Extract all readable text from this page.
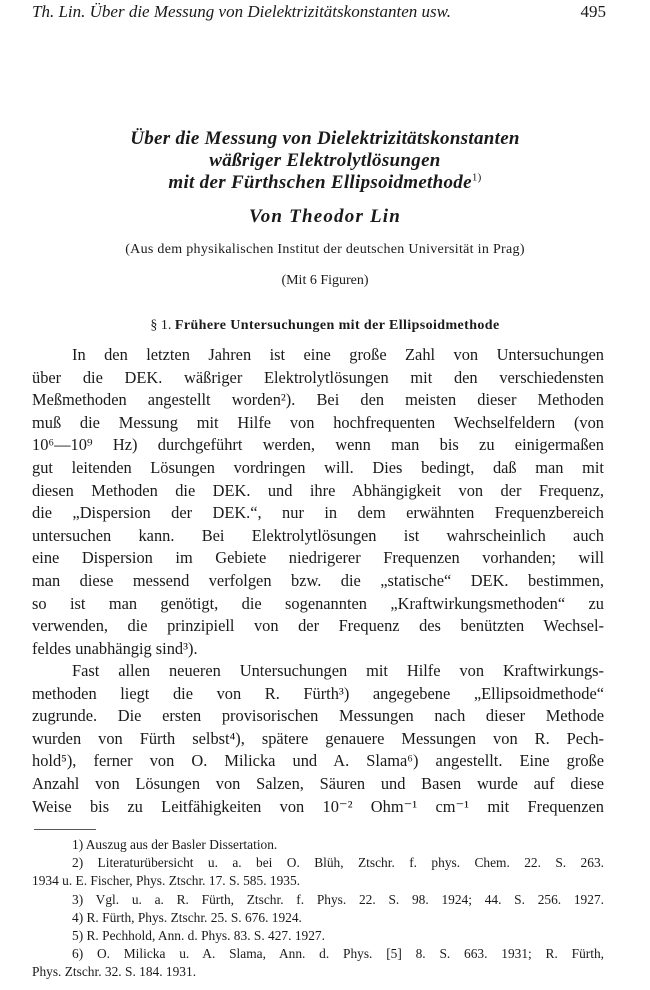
Th. Lin. Über die Messung von Dielektrizitätskonstanten usw.	495
Über die Messung von Dielektrizitätskonstanten
wäßriger Elektrolytlösungen
mit der Fürthschen Ellipsoidmethode$^{1)}$
Von Theodor Lin
(Aus dem physikalischen Institut der deutschen Universität in Prag)
(Mit 6 Figuren)
§ 1. Frühere Untersuchungen mit der Ellipsoidmethode
In den letzten Jahren ist eine große Zahl von Untersuchungen
über die DEK. wäßriger Elektrolytlösungen mit den verschiedensten
Meßmethoden angestellt worden²). Bei den meisten dieser Methoden
muß die Messung mit Hilfe von hochfrequenten Wechselfeldern (von
10⁶—10⁹ Hz) durchgeführt werden, wenn man bis zu einigermaßen
gut leitenden Lösungen vordringen will. Dies bedingt, daß man mit
diesen Methoden die DEK. und ihre Abhängigkeit von der Frequenz,
die „Dispersion der DEK.“, nur in dem erwähnten Frequenzbereich
untersuchen kann. Bei Elektrolytlösungen ist wahrscheinlich auch
eine Dispersion im Gebiete niedrigerer Frequenzen vorhanden; will
man diese messend verfolgen bzw. die „statische“ DEK. bestimmen,
so ist man genötigt, die sogenannten „Kraftwirkungsmethoden“ zu
verwenden, die prinzipiell von der Frequenz des benützten Wechsel-
feldes unabhängig sind³).
Fast allen neueren Untersuchungen mit Hilfe von Kraftwirkungs-
methoden liegt die von R. Fürth³) angegebene „Ellipsoidmethode“
zugrunde. Die ersten provisorischen Messungen nach dieser Methode
wurden von Fürth selbst⁴), spätere genauere Messungen von R. Pech-
hold⁵), ferner von O. Milicka und A. Slama⁶) angestellt. Eine große
Anzahl von Lösungen von Salzen, Säuren und Basen wurde auf diese
Weise bis zu Leitfähigkeiten von 10⁻² Ohm⁻¹ cm⁻¹ mit Frequenzen
1) Auszug aus der Basler Dissertation.
2) Literaturübersicht u. a. bei O. Blüh, Ztschr. f. phys. Chem. 22. S. 263.
1934 u. E. Fischer, Phys. Ztschr. 17. S. 585. 1935.
3) Vgl. u. a. R. Fürth, Ztschr. f. Phys. 22. S. 98. 1924; 44. S. 256. 1927.
4) R. Fürth, Phys. Ztschr. 25. S. 676. 1924.
5) R. Pechhold, Ann. d. Phys. 83. S. 427. 1927.
6) O. Milicka u. A. Slama, Ann. d. Phys. [5] 8. S. 663. 1931; R. Fürth,
Phys. Ztschr. 32. S. 184. 1931.
